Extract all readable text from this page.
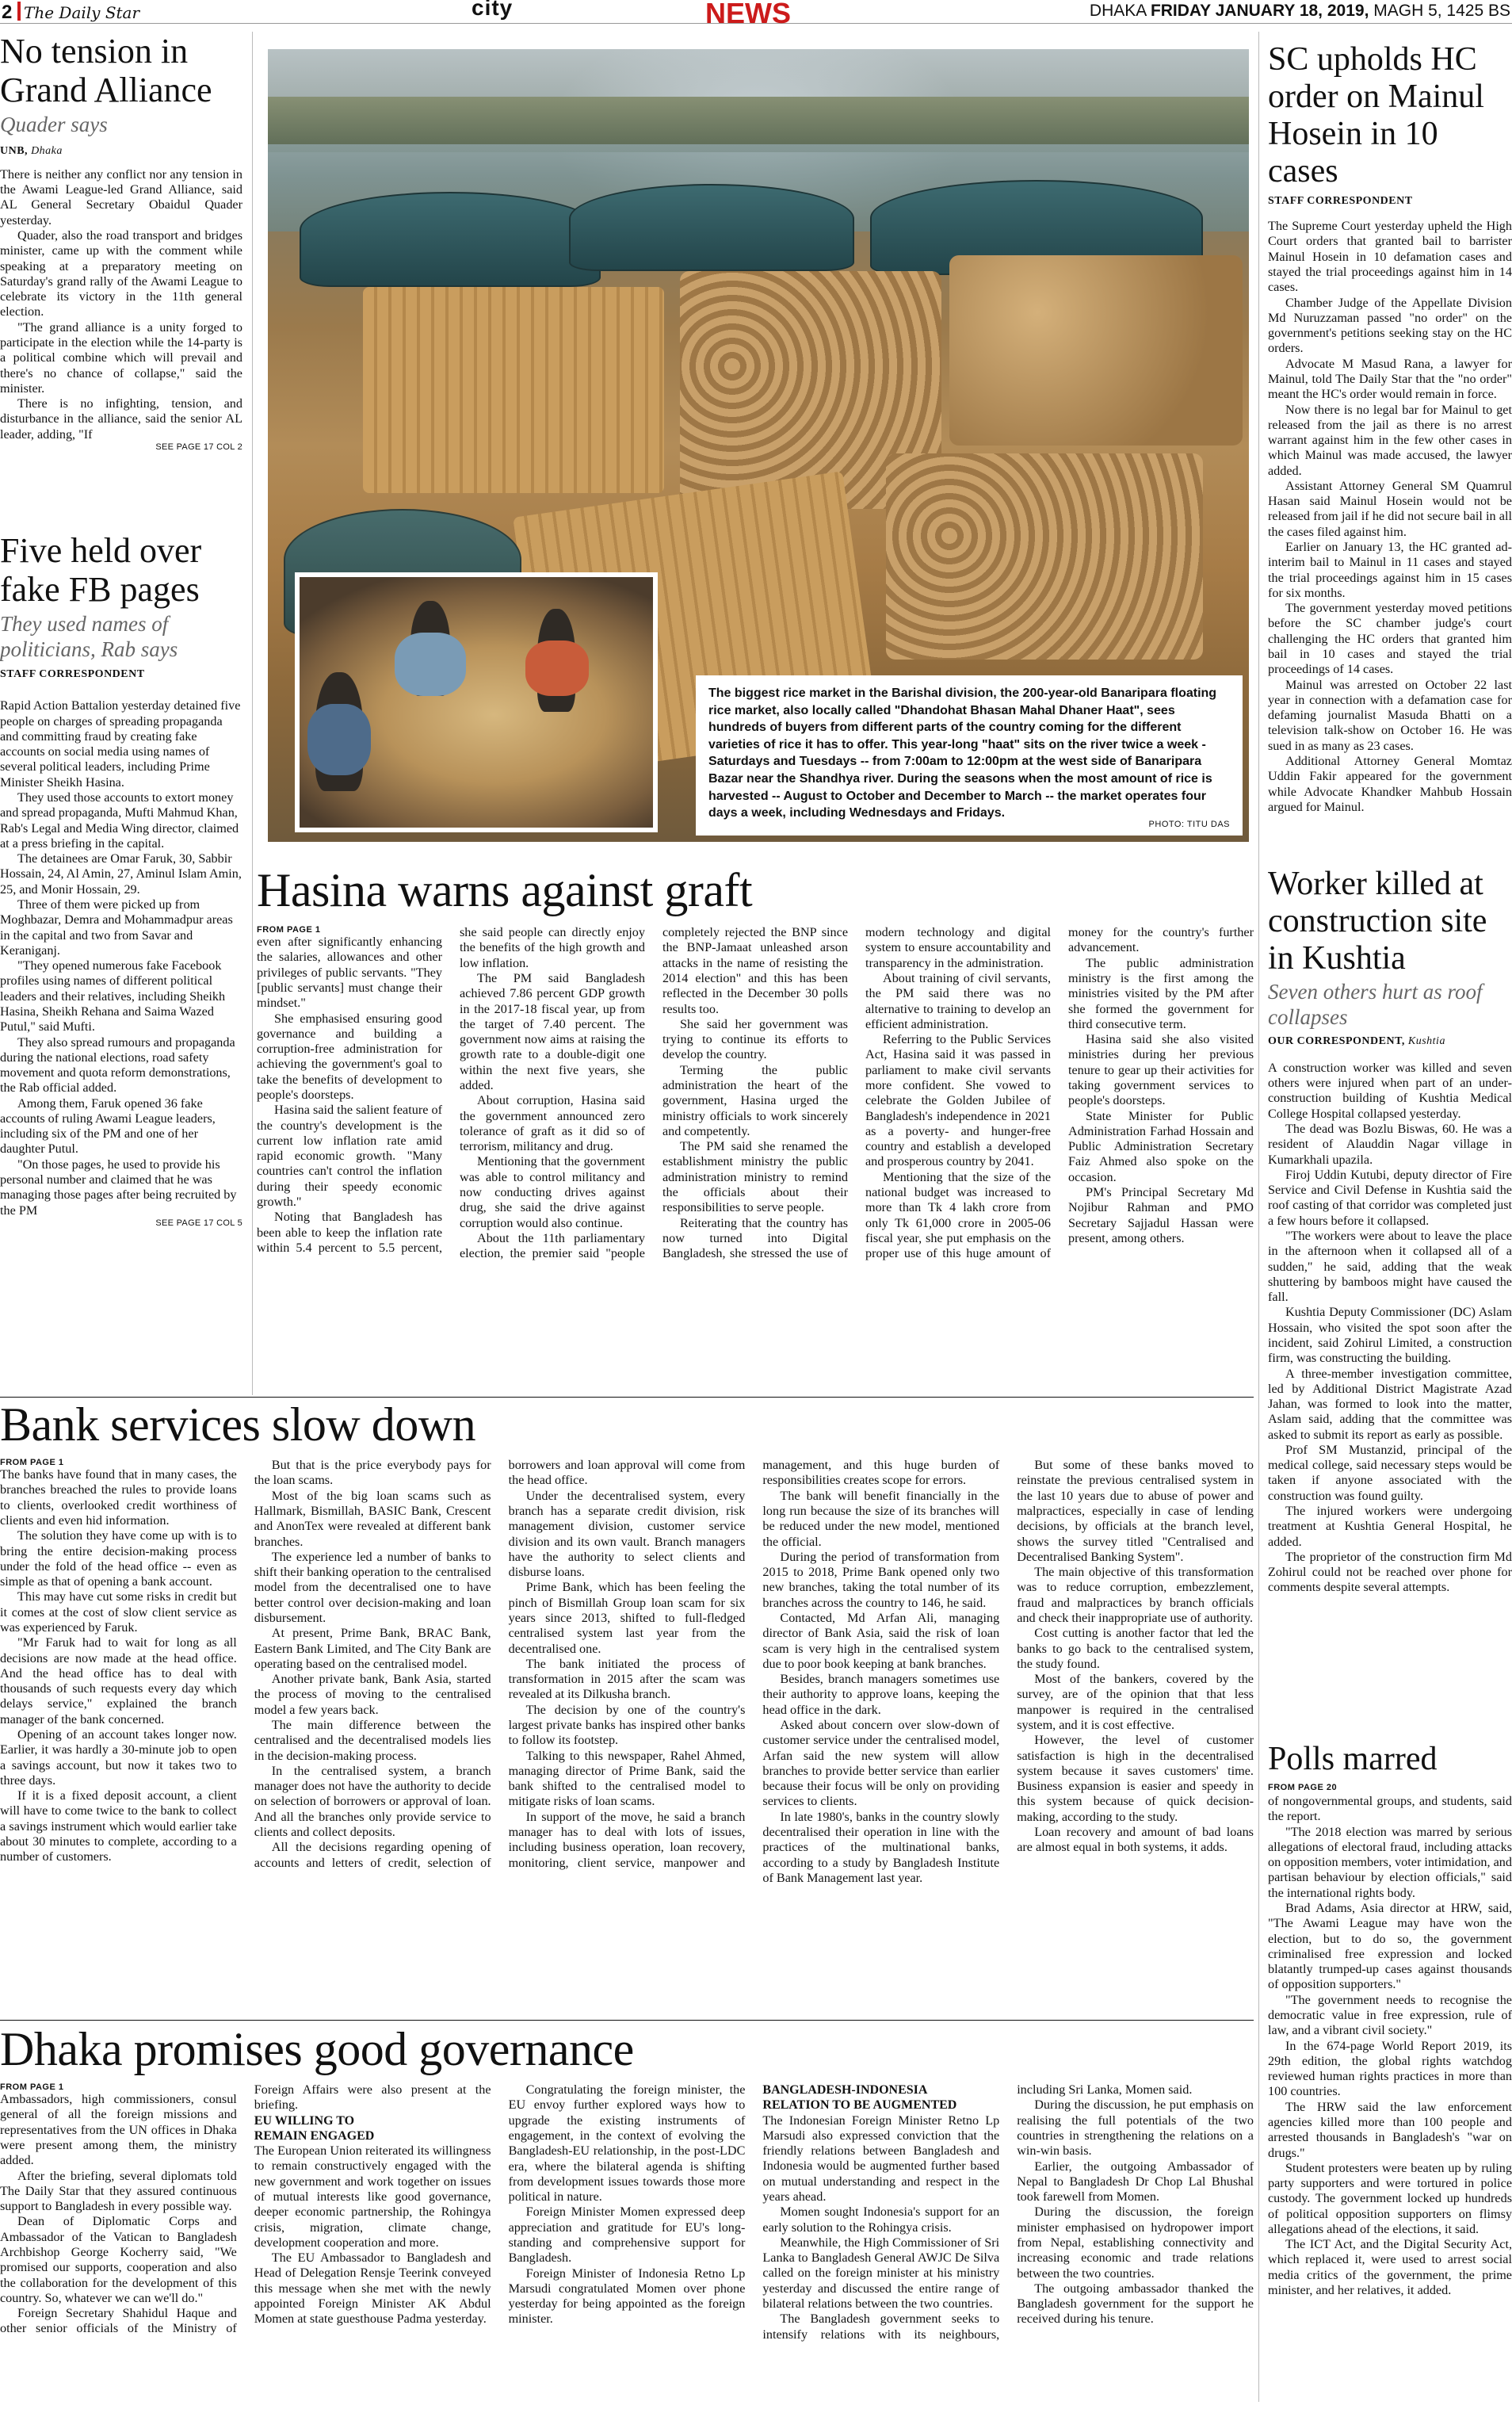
2 The Daily Star	city	NEWS	DHAKA FRIDAY JANUARY 18, 2019, MAGH 5, 1425 BS
No tension in Grand Alliance
Quader says
UNB, Dhaka

There is neither any conflict nor any tension in the Awami League-led Grand Alliance, said AL General Secretary Obaidul Quader yesterday.

Quader, also the road transport and bridges minister, came up with the comment while speaking at a preparatory meeting on Saturday's grand rally of the Awami League to celebrate its victory in the 11th general election.

"The grand alliance is a unity forged to participate in the election while the 14-party is a political combine which will prevail and there's no chance of collapse," said the minister.

There is no infighting, tension, and disturbance in the alliance, said the senior AL leader, adding, "If

SEE PAGE 17 COL 2
Five held over fake FB pages
They used names of politicians, Rab says
STAFF CORRESPONDENT

Rapid Action Battalion yesterday detained five people on charges of spreading propaganda and committing fraud by creating fake accounts on social media using names of several political leaders, including Prime Minister Sheikh Hasina.

They used those accounts to extort money and spread propaganda, Mufti Mahmud Khan, Rab's Legal and Media Wing director, claimed at a press briefing in the capital.

The detainees are Omar Faruk, 30, Sabbir Hossain, 24, Al Amin, 27, Aminul Islam Amin, 25, and Monir Hossain, 29.

Three of them were picked up from Moghbazar, Demra and Mohammadpur areas in the capital and two from Savar and Keraniganj.

"They opened numerous fake Facebook profiles using names of different political leaders and their relatives, including Sheikh Hasina, Sheikh Rehana and Saima Wazed Putul," said Mufti.

They also spread rumours and propaganda during the national elections, road safety movement and quota reform demonstrations, the Rab official added.

Among them, Faruk opened 36 fake accounts of ruling Awami League leaders, including six of the PM and one of her daughter Putul.

"On those pages, he used to provide his personal number and claimed that he was managing those pages after being recruited by the PM

SEE PAGE 17 COL 5
The biggest rice market in the Barishal division, the 200-year-old Banaripara floating rice market, also locally called "Dhandohat Bhasan Mahal Dhaner Haat", sees hundreds of buyers from different parts of the country coming for the different varieties of rice it has to offer. This year-long "haat" sits on the river twice a week - Saturdays and Tuesdays -- from 7:00am to 12:00pm at the west side of Banaripara Bazar near the Shandhya river. During the seasons when the most amount of rice is harvested -- August to October and December to March -- the market operates four days a week, including Wednesdays and Fridays.
PHOTO: TITU DAS
SC upholds HC order on Mainul Hosein in 10 cases
STAFF CORRESPONDENT

The Supreme Court yesterday upheld the High Court orders that granted bail to barrister Mainul Hosein in 10 defamation cases and stayed the trial proceedings against him in 14 cases.

Chamber Judge of the Appellate Division Md Nuruzzaman passed "no order" on the government's petitions seeking stay on the HC orders.

Advocate M Masud Rana, a lawyer for Mainul, told The Daily Star that the "no order" meant the HC's order would remain in force.

Now there is no legal bar for Mainul to get released from the jail as there is no arrest warrant against him in the few other cases in which Mainul was made accused, the lawyer added.

Assistant Attorney General SM Quamrul Hasan said Mainul Hosein would not be released from jail if he did not secure bail in all the cases filed against him.

Earlier on January 13, the HC granted ad-interim bail to Mainul in 11 cases and stayed the trial proceedings against him in 15 cases for six months.

The government yesterday moved petitions before the SC chamber judge's court challenging the HC orders that granted him bail in 10 cases and stayed the trial proceedings of 14 cases.

Mainul was arrested on October 22 last year in connection with a defamation case for defaming journalist Masuda Bhatti on a television talk-show on October 16. He was sued in as many as 23 cases.

Additional Attorney General Momtaz Uddin Fakir appeared for the government while Advocate Khandker Mahbub Hossain argued for Mainul.

Worker killed at construction site in Kushtia
Seven others hurt as roof collapses
OUR CORRESPONDENT, Kushtia

A construction worker was killed and seven others were injured when part of an under-construction building of Kushtia Medical College Hospital collapsed yesterday.

The dead was Bozlu Biswas, 60. He was a resident of Alauddin Nagar village in Kumarkhali upazila.

Firoj Uddin Kutubi, deputy director of Fire Service and Civil Defense in Kushtia said the roof casting of that corridor was completed just a few hours before it collapsed.

"The workers were about to leave the place in the afternoon when it collapsed all of a sudden," he said, adding that the weak shuttering by bamboos might have caused the fall.

Kushtia Deputy Commissioner (DC) Aslam Hossain, who visited the spot soon after the incident, said Zohirul Limited, a construction firm, was constructing the building.

A three-member investigation committee, led by Additional District Magistrate Azad Jahan, was formed to look into the matter, Aslam said, adding that the committee was asked to submit its report as early as possible.

Prof SM Mustanzid, principal of the medical college, said necessary steps would be taken if anyone associated with the construction was found guilty.

The injured workers were undergoing treatment at Kushtia General Hospital, he added.

The proprietor of the construction firm Md Zohirul could not be reached over phone for comments despite several attempts.

Polls marred
FROM PAGE 20

of nongovernmental groups, and students, said the report.

"The 2018 election was marred by serious allegations of electoral fraud, including attacks on opposition members, voter intimidation, and partisan behaviour by election officials," said the international rights body.

Brad Adams, Asia director at HRW, said, "The Awami League may have won the election, but to do so, the government criminalised free expression and locked blatantly trumped-up cases against thousands of opposition supporters."

"The government needs to recognise the democratic value in free expression, rule of law, and a vibrant civil society."

In the 674-page World Report 2019, its 29th edition, the global rights watchdog reviewed human rights practices in more than 100 countries.

The HRW said the law enforcement agencies killed more than 100 people and arrested thousands in Bangladesh's "war on drugs."

Student protesters were beaten up by ruling party supporters and were tortured in police custody. The government locked up hundreds of political opposition supporters on flimsy allegations ahead of the elections, it said.

The ICT Act, and the Digital Security Act, which replaced it, were used to arrest social media critics of the government, the prime minister, and her relatives, it added.

Hasina warns against graft
FROM PAGE 1

even after significantly enhancing the salaries, allowances and other privileges of public servants. "They [public servants] must change their mindset."

She emphasised ensuring good governance and building a corruption-free administration for achieving the government's goal to take the benefits of development to people's doorsteps.

Hasina said the salient feature of the country's development is the current low inflation rate amid rapid economic growth. "Many countries can't control the inflation during their speedy economic growth."

Noting that Bangladesh has been able to keep the inflation rate within 5.4 percent to 5.5 percent, she said people can directly enjoy the benefits of the high growth and low inflation.

The PM said Bangladesh achieved 7.86 percent GDP growth in the 2017-18 fiscal year, up from the target of 7.40 percent. The government now aims at raising the growth rate to a double-digit one within the next five years, she added.

About corruption, Hasina said the government announced zero tolerance of graft as it did so of terrorism, militancy and drug.

Mentioning that the government was able to control militancy and now conducting drives against drug, she said the drive against corruption would also continue.

About the 11th parliamentary election, the premier said "people completely rejected the BNP since the BNP-Jamaat unleashed arson attacks in the name of resisting the 2014 election" and this has been reflected in the December 30 polls results too.

She said her government was trying to continue its efforts to develop the country.

Terming the public administration the heart of the government, Hasina urged the ministry officials to work sincerely and competently.

The PM said she renamed the establishment ministry the public administration ministry to remind the officials about their responsibilities to serve people.

Reiterating that the country has now turned into Digital Bangladesh, she stressed the use of modern technology and digital system to ensure accountability and transparency in the administration.

About training of civil servants, the PM said there was no alternative to training to develop an efficient administration.

Referring to the Public Services Act, Hasina said it was passed in parliament to make civil servants more confident. She vowed to celebrate the Golden Jubilee of Bangladesh's independence in 2021 as a poverty- and hunger-free country and establish a developed and prosperous country by 2041.

Mentioning that the size of the national budget was increased to more than Tk 4 lakh crore from only Tk 61,000 crore in 2005-06 fiscal year, she put emphasis on the proper use of this huge amount of money for the country's further advancement.

The public administration ministry is the first among the ministries visited by the PM after she formed the government for third consecutive term.

Hasina said she also visited ministries during her previous tenure to gear up their activities for taking government services to people's doorsteps.

State Minister for Public Administration Farhad Hossain and Public Administration Secretary Faiz Ahmed also spoke on the occasion.

PM's Principal Secretary Md Nojibur Rahman and PMO Secretary Sajjadul Hassan were present, among others.

Bank services slow down
FROM PAGE 1

The banks have found that in many cases, the branches breached the rules to provide loans to clients, overlooked credit worthiness of clients and even hid information.

The solution they have come up with is to bring the entire decision-making process under the fold of the head office -- even as simple as that of opening a bank account.

This may have cut some risks in credit but it comes at the cost of slow client service as was experienced by Faruk.

"Mr Faruk had to wait for long as all decisions are now made at the head office. And the head office has to deal with thousands of such requests every day which delays service," explained the branch manager of the bank concerned.

Opening of an account takes longer now. Earlier, it was hardly a 30-minute job to open a savings account, but now it takes two to three days.

If it is a fixed deposit account, a client will have to come twice to the bank to collect a savings instrument which would earlier take about 30 minutes to complete, according to a number of customers.

But that is the price everybody pays for the loan scams.

Most of the big loan scams such as Hallmark, Bismillah, BASIC Bank, Crescent and AnonTex were revealed at different bank branches.

The experience led a number of banks to shift their banking operation to the centralised model from the decentralised one to have better control over decision-making and loan disbursement.

At present, Prime Bank, BRAC Bank, Eastern Bank Limited, and The City Bank are operating based on the centralised model.

Another private bank, Bank Asia, started the process of moving to the centralised model a few years back.

The main difference between the centralised and the decentralised models lies in the decision-making process.

In the centralised system, a branch manager does not have the authority to decide on selection of borrowers or approval of loan. And all the branches only provide service to clients and collect deposits.

All the decisions regarding opening of accounts and letters of credit, selection of borrowers and loan approval will come from the head office.

Under the decentralised system, every branch has a separate credit division, risk management division, customer service division and its own vault. Branch managers have the authority to select clients and disburse loans.

Prime Bank, which has been feeling the pinch of Bismillah Group loan scam for six years since 2013, shifted to full-fledged centralised system last year from the decentralised one.

The bank initiated the process of transformation in 2015 after the scam was revealed at its Dilkusha branch.

The decision by one of the country's largest private banks has inspired other banks to follow its footstep.

Talking to this newspaper, Rahel Ahmed, managing director of Prime Bank, said the bank shifted to the centralised model to mitigate risks of loan scams.

In support of the move, he said a branch manager has to deal with lots of issues, including business operation, loan recovery, monitoring, client service, manpower and management, and this huge burden of responsibilities creates scope for errors.

The bank will benefit financially in the long run because the size of its branches will be reduced under the new model, mentioned the official.

During the period of transformation from 2015 to 2018, Prime Bank opened only two new branches, taking the total number of its branches across the country to 146, he said.

Contacted, Md Arfan Ali, managing director of Bank Asia, said the risk of loan scam is very high in the centralised system due to poor book keeping at bank branches.

Besides, branch managers sometimes use their authority to approve loans, keeping the head office in the dark.

Asked about concern over slow-down of customer service under the centralised model, Arfan said the new system will allow branches to provide better service than earlier because their focus will be only on providing services to clients.

In late 1980's, banks in the country slowly decentralised their operation in line with the practices of the multinational banks, according to a study by Bangladesh Institute of Bank Management last year.

But some of these banks moved to reinstate the previous centralised system in the last 10 years due to abuse of power and malpractices, especially in case of lending decisions, by officials at the branch level, shows the survey titled "Centralised and Decentralised Banking System".

The main objective of this transformation was to reduce corruption, embezzlement, fraud and malpractices by branch officials and check their inappropriate use of authority.

Cost cutting is another factor that led the banks to go back to the centralised system, the study found.

Most of the bankers, covered by the survey, are of the opinion that that less manpower is required in the centralised system, and it is cost effective.

However, the level of customer satisfaction is high in the decentralised system because it saves customers' time. Business expansion is easier and speedy in this system because of quick decision-making, according to the study.

Loan recovery and amount of bad loans are almost equal in both systems, it adds.

Dhaka promises good governance
FROM PAGE 1

Ambassadors, high commissioners, consul general of all the foreign missions and representatives from the UN offices in Dhaka were present among them, the ministry added.

After the briefing, several diplomats told The Daily Star that they assured continuous support to Bangladesh in every possible way.

Dean of Diplomatic Corps and Ambassador of the Vatican to Bangladesh Archbishop George Kocherry said, "We promised our supports, cooperation and also the collaboration for the development of this country. So, whatever we can we'll do."

Foreign Secretary Shahidul Haque and other senior officials of the Ministry of Foreign Affairs were also present at the briefing.

EU WILLING TO
REMAIN ENGAGED

The European Union reiterated its willingness to remain constructively engaged with the new government and work together on issues of mutual interests like good governance, deeper economic partnership, the Rohingya crisis, migration, climate change, development cooperation and more.

The EU Ambassador to Bangladesh and Head of Delegation Rensje Teerink conveyed this message when she met with the newly appointed Foreign Minister AK Abdul Momen at state guesthouse Padma yesterday.

Congratulating the foreign minister, the EU envoy further explored ways how to upgrade the existing instruments of engagement, in the context of evolving the Bangladesh-EU relationship, in the post-LDC era, where the bilateral agenda is shifting from development issues towards those more political in nature.

Foreign Minister Momen expressed deep appreciation and gratitude for EU's long-standing and comprehensive support for Bangladesh.

Foreign Minister of Indonesia Retno Lp Marsudi congratulated Momen over phone yesterday for being appointed as the foreign minister.

BANGLADESH-INDONESIA
RELATION TO BE AUGMENTED

The Indonesian Foreign Minister Retno Lp Marsudi also expressed conviction that the friendly relations between Bangladesh and Indonesia would be augmented further based on mutual understanding and respect in the years ahead.

Momen sought Indonesia's support for an early solution to the Rohingya crisis.

Meanwhile, the High Commissioner of Sri Lanka to Bangladesh General AWJC De Silva called on the foreign minister at his ministry yesterday and discussed the entire range of bilateral relations between the two countries.

The Bangladesh government seeks to intensify relations with its neighbours, including Sri Lanka, Momen said.

During the discussion, he put emphasis on realising the full potentials of the two countries in strengthening the relations on a win-win basis.

Earlier, the outgoing Ambassador of Nepal to Bangladesh Dr Chop Lal Bhushal took farewell from Momen.

During the discussion, the foreign minister emphasised on hydropower import from Nepal, establishing connectivity and increasing economic and trade relations between the two countries.

The outgoing ambassador thanked the Bangladesh government for the support he received during his tenure.
